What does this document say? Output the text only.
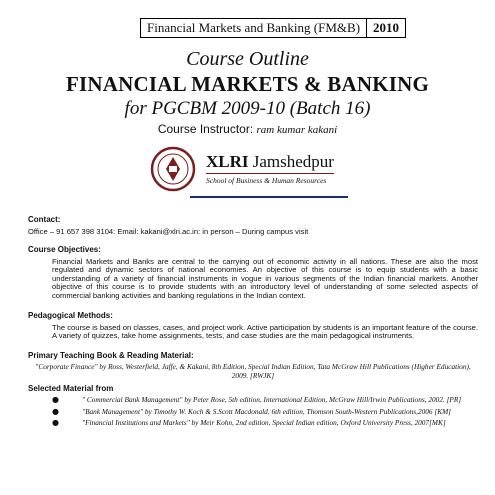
Financial Markets and Banking (FM&B)	2010
Course Outline
FINANCIAL MARKETS & BANKING
for PGCBM 2009-10 (Batch 16)
Course Instructor: ram kumar kakani
XLRI Jamshedpur
School of Business & Human Resources
Contact:
Office – 91 657 398 3104: Email: kakani@xlri.ac.in: in person – During campus visit
Course Objectives:
Financial Markets and Banks are central to the carrying out of economic activity in all nations. These are also the most regulated and dynamic sectors of national economies. An objective of this course is to equip students with a basic understanding of a variety of financial instruments in vogue in various segments of the Indian financial markets. Another objective of this course is to provide students with an introductory level of understanding of some selected aspects of commercial banking activities and banking regulations in the Indian context.
Pedagogical Methods:
The course is based on classes, cases, and project work. Active participation by students is an important feature of the course. A variety of quizzes, take home assignments, tests, and case studies are the main pedagogical instruments.
Primary Teaching Book & Reading Material:
"Corporate Finance" by Ross, Westerfield, Jaffe, & Kakani, 8th Edition, Special Indian Edition, Tata McGraw Hill Publications (Higher Education), 2009. [RWJK]
Selected Material from
●	" Commercial Bank Management" by Peter Rose, 5th edition, International Edition, McGraw Hill/Irwin Publications, 2002. [PR]
●	"Bank Management" by Timothy W. Koch & S.Scott Macdonald, 6th edition, Thomson South-Western Publications,2006 [KM]
●	"Financial Institutions and Markets" by Meir Kohn, 2nd edition, Special Indian edition, Oxford University Press, 2007[MK]
